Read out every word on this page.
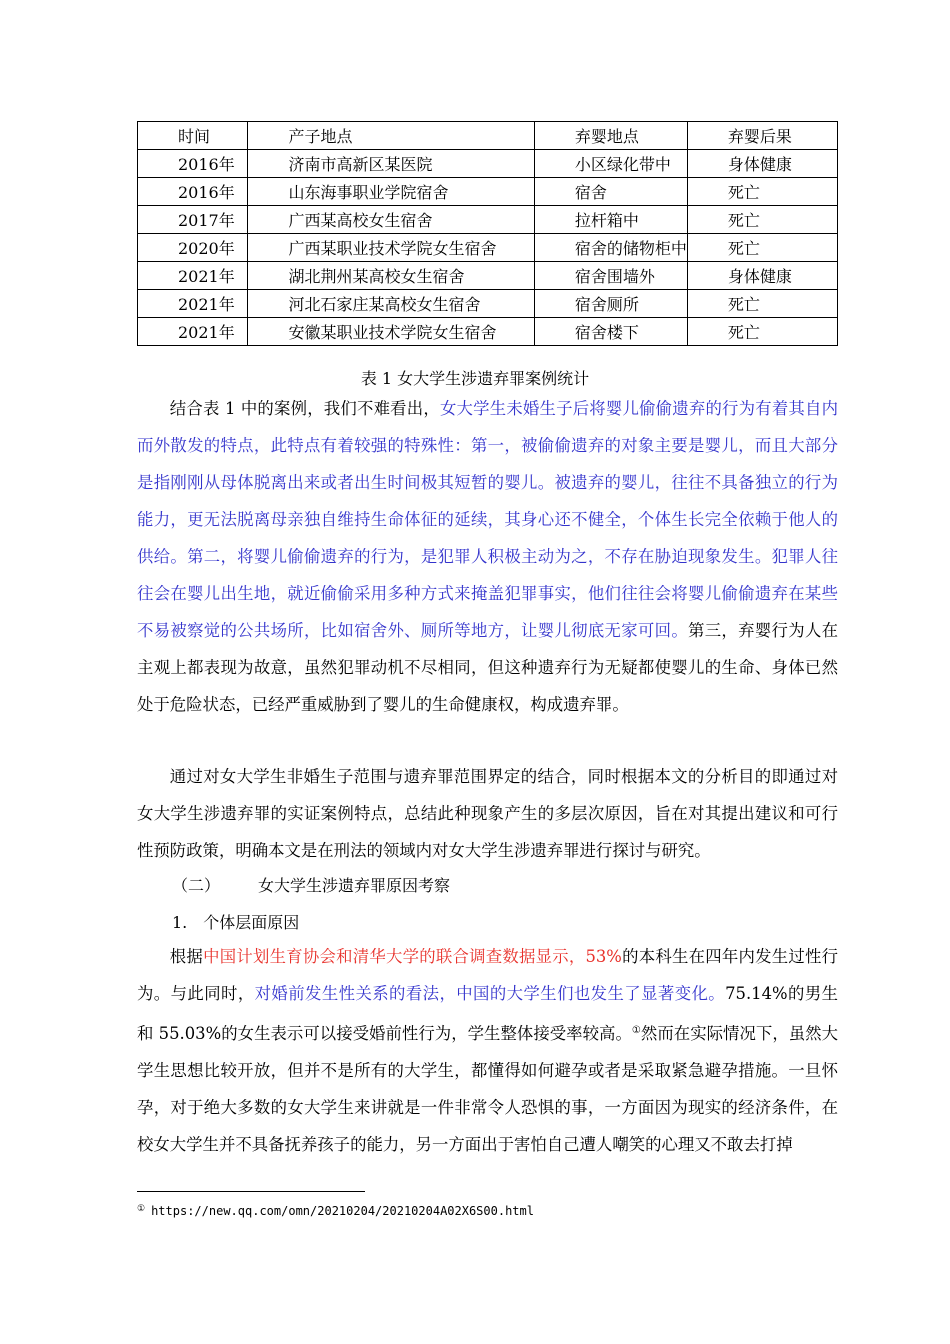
时间	产子地点	弃婴地点	弃婴后果
2016年	济南市高新区某医院	小区绿化带中	身体健康
2016年	山东海事职业学院宿舍	宿舍	死亡
2017年	广西某高校女生宿舍	拉杆箱中	死亡
2020年	广西某职业技术学院女生宿舍	宿舍的储物柜中	死亡
2021年	湖北荆州某高校女生宿舍	宿舍围墙外	身体健康
2021年	河北石家庄某高校女生宿舍	宿舍厕所	死亡
2021年	安徽某职业技术学院女生宿舍	宿舍楼下	死亡
表 1 女大学生涉遗弃罪案例统计

结合表 1 中的案例，我们不难看出，女大学生未婚生子后将婴儿偷偷遗弃的行为有着其自内而外散发的特点，此特点有着较强的特殊性：第一，被偷偷遗弃的对象主要是婴儿，而且大部分是指刚刚从母体脱离出来或者出生时间极其短暂的婴儿。被遗弃的婴儿，往往不具备独立的行为能力，更无法脱离母亲独自维持生命体征的延续，其身心还不健全，个体生长完全依赖于他人的供给。第二，将婴儿偷偷遗弃的行为，是犯罪人积极主动为之，不存在胁迫现象发生。犯罪人往往会在婴儿出生地，就近偷偷采用多种方式来掩盖犯罪事实，他们往往会将婴儿偷偷遗弃在某些不易被察觉的公共场所，比如宿舍外、厕所等地方，让婴儿彻底无家可回。第三，弃婴行为人在主观上都表现为故意，虽然犯罪动机不尽相同，但这种遗弃行为无疑都使婴儿的生命、身体已然处于危险状态，已经严重威胁到了婴儿的生命健康权，构成遗弃罪。

通过对女大学生非婚生子范围与遗弃罪范围界定的结合，同时根据本文的分析目的即通过对女大学生涉遗弃罪的实证案例特点，总结此种现象产生的多层次原因，旨在对其提出建议和可行性预防政策，明确本文是在刑法的领域内对女大学生涉遗弃罪进行探讨与研究。

（二） 女大学生涉遗弃罪原因考察
1. 个体层面原因

根据中国计划生育协会和清华大学的联合调查数据显示，53%的本科生在四年内发生过性行为。与此同时，对婚前发生性关系的看法，中国的大学生们也发生了显著变化。75.14%的男生和 55.03%的女生表示可以接受婚前性行为，学生整体接受率较高。①然而在实际情况下，虽然大学生思想比较开放，但并不是所有的大学生，都懂得如何避孕或者是采取紧急避孕措施。一旦怀孕，对于绝大多数的女大学生来讲就是一件非常令人恐惧的事，一方面因为现实的经济条件，在校女大学生并不具备抚养孩子的能力，另一方面出于害怕自己遭人嘲笑的心理又不敢去打掉

① https://new.qq.com/omn/20210204/20210204A02X6S00.html
